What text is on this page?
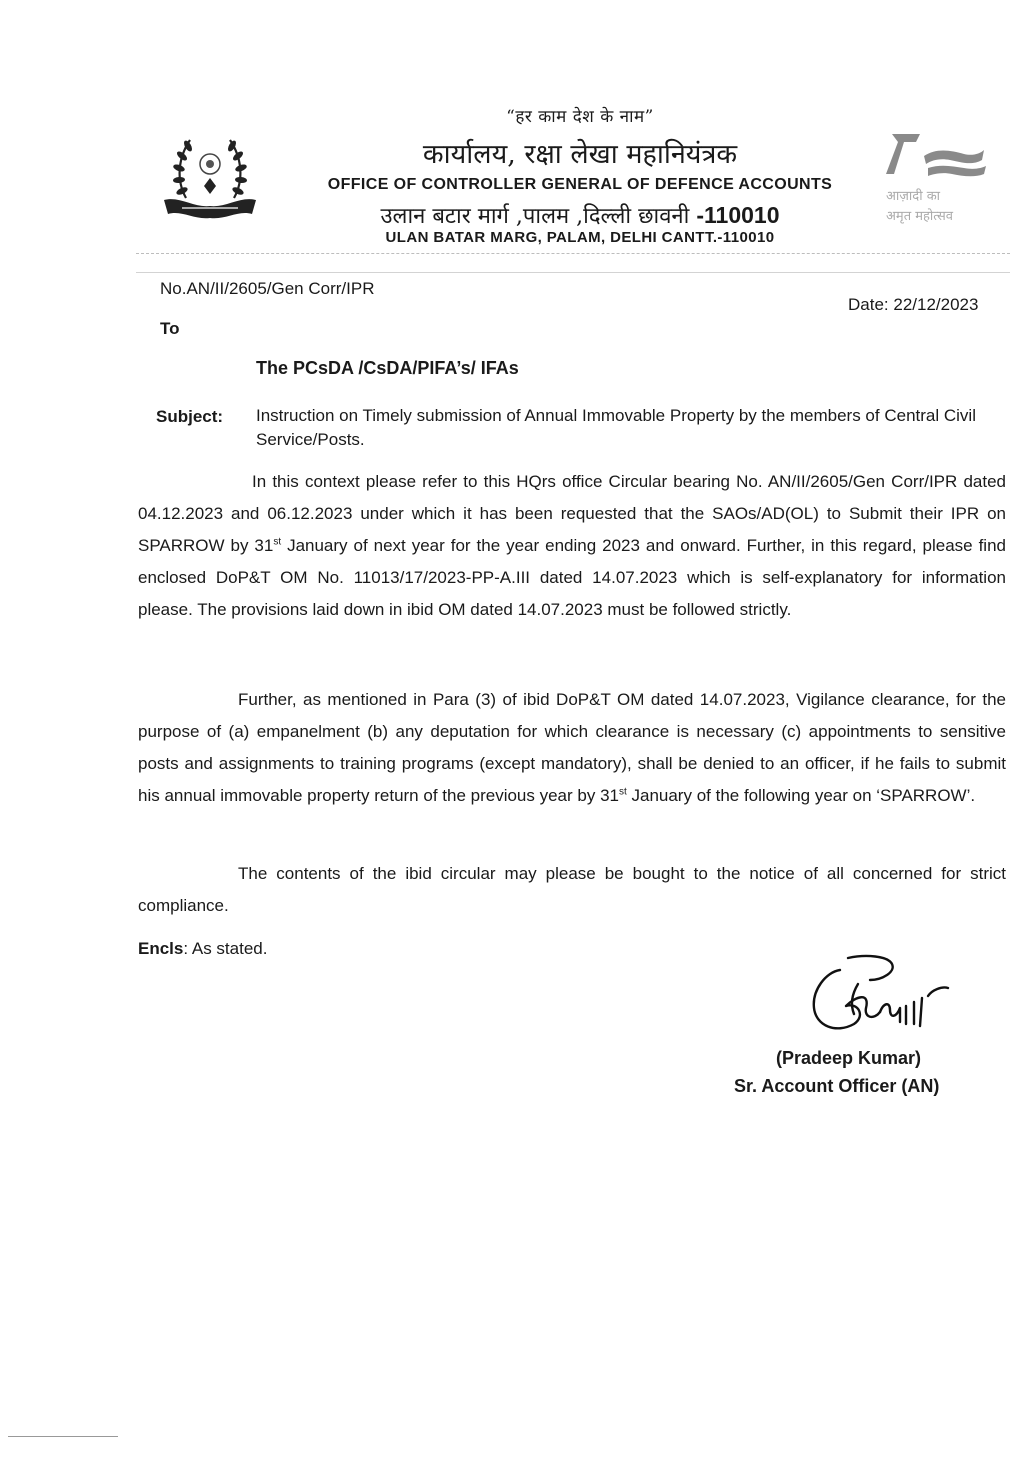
आज़ादी का
अमृत महोत्सव
“हर काम देश के नाम”
कार्यालय, रक्षा लेखा महानियंत्रक
OFFICE OF CONTROLLER GENERAL OF DEFENCE ACCOUNTS
उलान बटार मार्ग ,पालम ,दिल्ली छावनी -110010
ULAN BATAR MARG, PALAM, DELHI CANTT.-110010
No.AN/II/2605/Gen Corr/IPR
Date: 22/12/2023
To
The PCsDA /CsDA/PIFA’s/ IFAs
Subject: Instruction on Timely submission of Annual Immovable Property by the members of Central Civil Service/Posts.
In this context please refer to this HQrs office Circular bearing No. AN/II/2605/Gen Corr/IPR dated 04.12.2023 and 06.12.2023 under which it has been requested that the SAOs/AD(OL) to Submit their IPR on SPARROW by 31st January of next year for the year ending 2023 and onward. Further, in this regard, please find enclosed DoP&T OM No. 11013/17/2023-PP-A.III dated 14.07.2023 which is self-explanatory for information please. The provisions laid down in ibid OM dated 14.07.2023 must be followed strictly.
Further, as mentioned in Para (3) of ibid DoP&T OM dated 14.07.2023, Vigilance clearance, for the purpose of (a) empanelment (b) any deputation for which clearance is necessary (c) appointments to sensitive posts and assignments to training programs (except mandatory), shall be denied to an officer, if he fails to submit his annual immovable property return of the previous year by 31st January of the following year on ‘SPARROW’.
The contents of the ibid circular may please be bought to the notice of all concerned for strict compliance.
Encls: As stated.
(Pradeep Kumar)
Sr. Account Officer (AN)
